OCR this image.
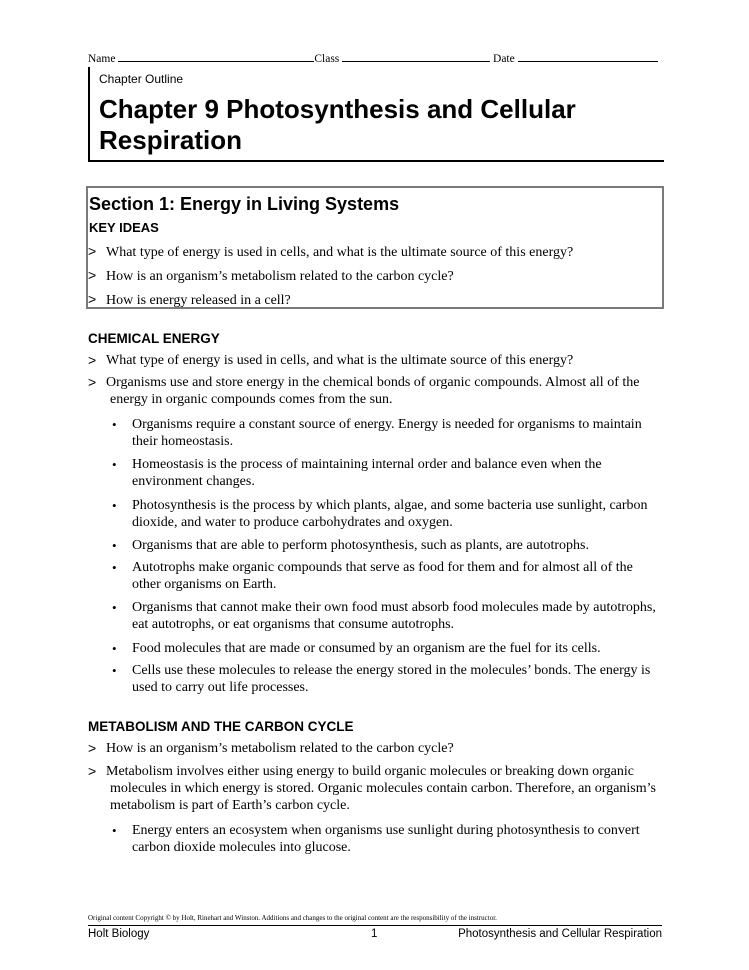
Name	Class	Date
Chapter Outline
Chapter 9 Photosynthesis and Cellular Respiration
Section 1: Energy in Living Systems
KEY IDEAS
> What type of energy is used in cells, and what is the ultimate source of this energy?
> How is an organism’s metabolism related to the carbon cycle?
> How is energy released in a cell?
CHEMICAL ENERGY
> What type of energy is used in cells, and what is the ultimate source of this energy?
> Organisms use and store energy in the chemical bonds of organic compounds. Almost all of the energy in organic compounds comes from the sun.
•	Organisms require a constant source of energy. Energy is needed for organisms to maintain their homeostasis.
•	Homeostasis is the process of maintaining internal order and balance even when the environment changes.
•	Photosynthesis is the process by which plants, algae, and some bacteria use sunlight, carbon dioxide, and water to produce carbohydrates and oxygen.
•	Organisms that are able to perform photosynthesis, such as plants, are autotrophs.
•	Autotrophs make organic compounds that serve as food for them and for almost all of the other organisms on Earth.
•	Organisms that cannot make their own food must absorb food molecules made by autotrophs, eat autotrophs, or eat organisms that consume autotrophs.
•	Food molecules that are made or consumed by an organism are the fuel for its cells.
•	Cells use these molecules to release the energy stored in the molecules’ bonds. The energy is used to carry out life processes.
METABOLISM AND THE CARBON CYCLE
> How is an organism’s metabolism related to the carbon cycle?
> Metabolism involves either using energy to build organic molecules or breaking down organic molecules in which energy is stored. Organic molecules contain carbon. Therefore, an organism’s metabolism is part of Earth’s carbon cycle.
•	Energy enters an ecosystem when organisms use sunlight during photosynthesis to convert carbon dioxide molecules into glucose.
Original content Copyright © by Holt, Rinehart and Winston. Additions and changes to the original content are the responsibility of the instructor.
Holt Biology	1	Photosynthesis and Cellular Respiration
